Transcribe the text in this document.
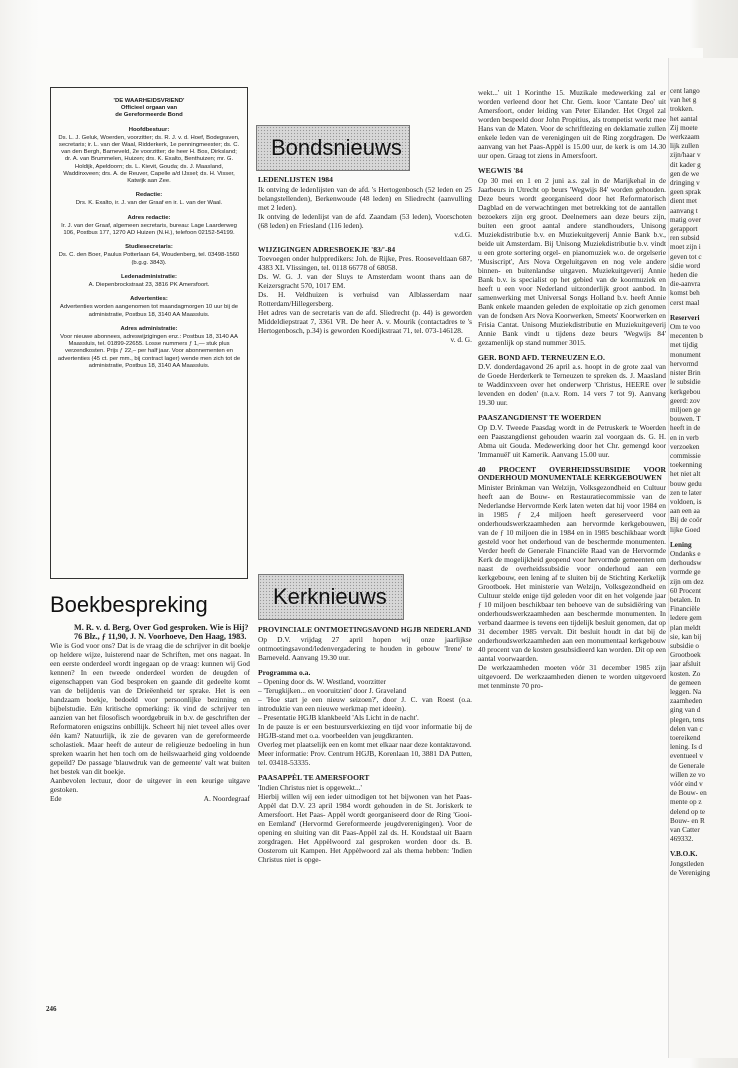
'DE WAARHEIDSVRIEND'

Officieel orgaan van

de Gereformeerde Bond

Hoofdbestuur:

Ds. L. J. Geluk, Woerden, voorzitter; ds. R. J. v. d. Hoef, Bodegraven, secretaris; ir. L. van der Waal, Ridderkerk, 1e penningmeester; ds. C. van den Bergh, Barneveld, 2e voorzitter; de heer H. Bos, Dirksland; dr. A. van Brummelen, Huizen; drs. K. Exalto, Benthuizen; mr. G. Holdijk, Apeldoorn; ds. L. Kievit, Gouda; ds. J. Maasland, Waddinxveen; drs. A. de Reuver, Capelle a/d IJssel; ds. H. Visser, Katwijk aan Zee.

Redactie:

Drs. K. Exalto, ir. J. van der Graaf en ir. L. van der Waal.

Adres redactie:

Ir. J. van der Graaf, algemeen secretaris, bureau: Lage Laarderweg 106, Postbus 177, 1270 AD Huizen (N.H.), telefoon 02152-54199.

Studiesecretaris:

Ds. C. den Boer, Paulus Potterlaan 64, Woudenberg, tel. 03498-1560 (b.g.g. 3843).

Ledenadministratie:

A. Diepenbrockstraat 23, 3816 PK Amersfoort.

Advertenties:

Advertenties worden aangenomen tot maandagmorgen 10 uur bij de administratie, Postbus 18, 3140 AA Maassluis.

Adres administratie:

Voor nieuwe abonnees, adreswijzigingen enz.: Postbus 18, 3140 AA Maassluis, tel. 01899-22655. Losse nummers ƒ 1,— stuk plus verzendkosten. Prijs ƒ 22,– per half jaar. Voor abonnementen en advertenties (45 ct. per mm., bij contract lager) wende men zich tot de administratie, Postbus 18, 3140 AA Maassluis.

Bondsnieuws

LEDENLIJSTEN 1984

Ik ontving de ledenlijsten van de afd. 's Hertogenbosch (52 leden en 25 belangstellenden), Berkenwoude (48 leden) en Sliedrecht (aanvulling met 2 leden).

Ik ontving de ledenlijst van de afd. Zaandam (53 leden), Voorschoten (68 leden) en Friesland (116 leden).

v.d.G.

WIJZIGINGEN ADRESBOEKJE '83/'-84

Toevoegen onder hulppredikers: Joh. de Rijke, Pres. Rooseveltlaan 687, 4383 XL Vlissingen, tel. 0118 66778 of 68058.

Ds. W. G. J. van der Sluys te Amsterdam woont thans aan de Keizersgracht 570, 1017 EM.

Ds. H. Veldhuizen is verhuisd van Alblasserdam naar Rotterdam/Hillegersberg.

Het adres van de secretaris van de afd. Sliedrecht (p. 44) is geworden Middeldiepstraat 7, 3361 VR. De heer A. v. Mourik (contactadres te 's Hertogenbosch, p.34) is geworden Koedijkstraat 71, tel. 073-146128.

v. d. G.

wekt...' uit 1 Korinthe 15. Muzikale medewerking zal er worden verleend door het Chr. Gem. koor 'Cantate Deo' uit Amersfoort, onder leiding van Peter Eilander. Het Orgel zal worden bespeeld door John Propitius, als trompetist werkt mee Hans van de Maten. Voor de schriftlezing en deklamatie zullen enkele leden van de verenigingen uit de Ring zorgdragen. De aanvang van het Paas-Appèl is 15.00 uur, de kerk is om 14.30 uur open. Graag tot ziens in Amersfoort.

WEGWIS '84

Op 30 mei en 1 en 2 juni a.s. zal in de Marijkehal in de Jaarbeurs in Utrecht op beurs 'Wegwijs 84' worden gehouden. Deze beurs wordt georganiseerd door het Reformatorisch Dagblad en de verwachtingen met betrekking tot de aantallen bezoekers zijn erg groot. Deelnemers aan deze beurs zijn, buiten een groot aantal andere standhouders, Unisong Muziekdistributie b.v. en Muziekuitgeverij Annie Bank b.v., beide uit Amsterdam. Bij Unisong Muziekdistributie b.v. vindt u een grote sortering orgel- en pianomuziek w.o. de orgelserie 'Musiscript', Ars Nova Orgeluitgaven en nog vele andere binnen- en buitenlandse uitgaven. Muziekuitgeverij Annie Bank b.v. is specialist op het gebied van de koormuziek en heeft u een voor Nederland uitzonderlijk groot aanbod. In samenwerking met Universal Songs Holland b.v. heeft Annie Bank enkele maanden geleden de exploitatie op zich genomen van de fondsen Ars Nova Koorwerken, Smeets' Koorwerken en Frisia Cantat. Unisong Muziekdistributie en Muziekuitgeverij Annie Bank vindt u tijdens deze beurs 'Wegwijs 84' gezamenlijk op stand nummer 3015.

GER. BOND AFD. TERNEUZEN E.O.

D.V. donderdagavond 26 april a.s. hoopt in de grote zaal van de Goede Herderkerk te Terneuzen te spreken ds. J. Maasland te Waddinxveen over het onderwerp 'Christus, HEERE over levenden en doden' (n.a.v. Rom. 14 vers 7 tot 9). Aanvang 19.30 uur.

PAASZANGDIENST TE WOERDEN

Op D.V. Tweede Paasdag wordt in de Petruskerk te Woerden een Paaszangdienst gehouden waarin zal voorgaan ds. G. H. Abma uit Gouda. Medewerking door het Chr. gemengd koor 'Immanuël' uit Kamerik. Aanvang 15.00 uur.

40 PROCENT OVERHEIDSSUBSIDIE VOOR ONDERHOUD MONUMENTALE KERKGEBOUWEN

Minister Brinkman van Welzijn, Volksgezondheid en Cultuur heeft aan de Bouw- en Restauratiecommissie van de Nederlandse Hervormde Kerk laten weten dat hij voor 1984 en in 1985 ƒ 2,4 miljoen heeft gereserveerd voor onderhoudswerkzaamheden aan hervormde kerkgebouwen, van de ƒ 10 miljoen die in 1984 en in 1985 beschikbaar wordt gesteld voor het onderhoud van de beschermde monumenten. Verder heeft de Generale Financiële Raad van de Hervormde Kerk de mogelijkheid geopend voor hervormde gemeenten om naast de overheidssubsidie voor onderhoud aan een kerkgebouw, een lening af te sluiten bij de Stichting Kerkelijk Grootboek. Het ministerie van Welzijn, Volksgezondheid en Cultuur stelde enige tijd geleden voor dit en het volgende jaar ƒ 10 miljoen beschikbaar ten behoeve van de subsidiëring van onderhoudswerkzaamheden aan beschermde monumenten. In verband daarmee is tevens een tijdelijk besluit genomen, dat op 31 december 1985 vervalt. Dit besluit houdt in dat bij de onderhoudswerkzaamheden aan een monumentaal kerkgebouw 40 procent van de kosten gesubsidieerd kan worden. Dit op een aantal voorwaarden.

De werkzaamheden moeten vóór 31 december 1985 zijn uitgevoerd. De werkzaamheden dienen te worden uitgevoerd met tenminste 70 pro-

Boekbespreking

M. R. v. d. Berg, Over God gesproken. Wie is Hij? 76 Blz., ƒ 11,90, J. N. Voorhoeve, Den Haag, 1983.

Wie is God voor ons? Dat is de vraag die de schrijver in dit boekje op heldere wijze, luisterend naar de Schriften, met ons nagaat. In een eerste onderdeel wordt ingegaan op de vraag: kunnen wij God kennen? In een tweede onderdeel worden de deugden of eigenschappen van God besproken en gaande dit gedeelte komt van de belijdenis van de Drieëenheid ter sprake. Het is een handzaam boekje, bedoeld voor persoonlijke bezinning en bijbelstudie. Eén kritische opmerking: ik vind de schrijver ten aanzien van het filosofisch woordgebruik in b.v. de geschriften der Reformatoren enigszins onbillijk. Scheert hij niet teveel alles over één kam? Natuurlijk, ik zie de gevaren van de gereformeerde scholastiek. Maar heeft de auteur de religieuze bedoeling in hun spreken waarin het hen toch om de heilswaarheid ging voldoende gepeild? De passage 'blauwdruk van de gemeente' valt wat buiten het bestek van dit boekje.

Aanbevolen lectuur, door de uitgever in een keurige uitgave gestoken.

Ede	A. Noordegraaf
Kerknieuws

PROVINCIALE ONTMOETINGSAVOND HGJB NEDERLAND

Op D.V. vrijdag 27 april hopen wij onze jaarlijkse ontmoetingsavond/ledenvergadering te houden in gebouw 'Irene' te Barneveld. Aanvang 19.30 uur.

Programma o.a.

– Opening door ds. W. Westland, voorzitter

– 'Terugkijken... en vooruitzien' door J. Graveland

– 'Hoe start je een nieuw seizoen?', door J. C. van Roest (o.a. introduktie van een nieuwe werkmap met ideeën).

– Presentatie HGJB klankbeeld 'Als Licht in de nacht'.

In de pauze is er een bestuursverkiezing en tijd voor informatie bij de HGJB-stand met o.a. voorbeelden van jeugdkranten.

Overleg met plaatselijk een en komt met elkaar naar deze kontaktavond.

Meer informatie: Prov. Centrum HGJB, Korenlaan 10, 3881 DA Putten, tel. 03418-53335.

PAASAPPÈL TE AMERSFOORT

'Indien Christus niet is opgewekt...'

Hierbij willen wij een ieder uitnodigen tot het bijwonen van het Paas-Appèl dat D.V. 23 april 1984 wordt gehouden in de St. Joriskerk te Amersfoort. Het Paas- Appèl wordt georganiseerd door de Ring 'Gooi- en Eemland' (Hervormd Gereformeerde jeugdverenigingen). Voor de opening en sluiting van dit Paas-Appèl zal ds. H. Koudstaal uit Baarn zorgdragen. Het Appèlwoord zal gesproken worden door ds. B. Oosterom uit Kampen. Het Appèlwoord zal als thema hebben: 'Indien Christus niet is opge-

cent lango

van het g

trokken.

het aantal

Zij moete

werkzaam

lijk zullen

zijn/haar v

dit kader g

gen de we

dringing v

geen sprak

dient met

aanvang t

matig over

gerapport

ren subsid

moet zijn i

geven tot c

sidie word

heden die

die-aanvra

komst beh

cerst maal

Reserveri

Om te voo

mecenten b

met tijdig

monument

hervormd

nister Brin

le subsidie

kerkgebou

geerd: zov

miljoen ge

bouwen. T

heeft in de

en in verb

verzoeken

commissie

toekenning

het niet alt

bouw gedu

zen te later

voldoen, is

aan een aa

Bij de coör

lijke Goed

Lening

Ondanks e

derhoudsw

vormde ge

zijn om dez

60 Procent

betalen. In

Financiële

ledere gem

plan meldt

sie, kan bij

subsidie o

Grootboek

jaar afsluit

kosten. Zo

de gemeen

leggen. Na

zaamheden

ging van d

plegen, tens

delen van c

toereikend

lening. Is d

eventueel v

de Generale

willen ze vo

vóór eind v

de Bouw- en

mente op z

delend op te

Bouw- en R

van Catter

469332.

V.B.O.K.

Jongstleden

de Vereniging

246
